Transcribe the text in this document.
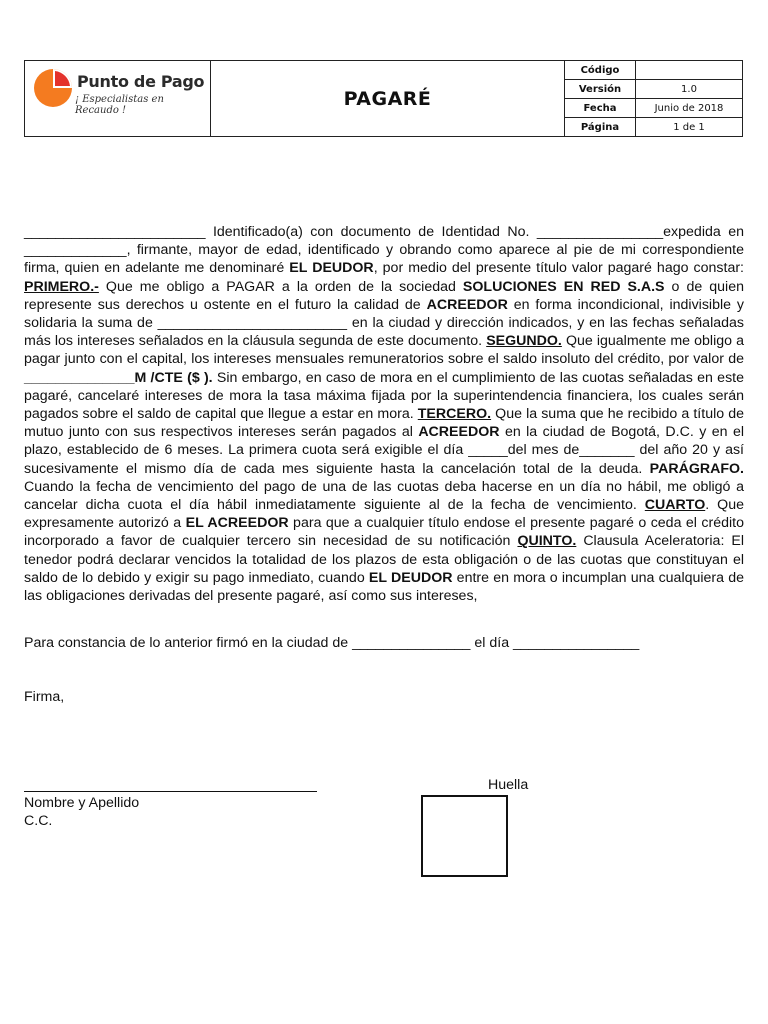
Punto de Pago
¡ Especialistas en Recaudo !	PAGARÉ	Código	
		Versión	1.0
		Fecha	Junio de 2018
		Página	1 de 1

_______________________ Identificado(a) con documento de Identidad No. ________________expedida en _____________, firmante, mayor de edad, identificado y obrando como aparece al pie de mi correspondiente firma, quien en adelante me denominaré EL DEUDOR, por medio del presente título valor pagaré hago constar: PRIMERO.- Que me obligo a PAGAR a la orden de la sociedad SOLUCIONES EN RED S.A.S o de quien represente sus derechos u ostente en el futuro la calidad de ACREEDOR en forma incondicional, indivisible y solidaria la suma de ________________________ en la ciudad y dirección indicados, y en las fechas señaladas más los intereses señalados en la cláusula segunda de este documento. SEGUNDO. Que igualmente me obligo a pagar junto con el capital, los intereses mensuales remuneratorios sobre el saldo insoluto del crédito, por valor de ______________M /CTE ($ ). Sin embargo, en caso de mora en el cumplimiento de las cuotas señaladas en este pagaré, cancelaré intereses de mora la tasa máxima fijada por la superintendencia financiera, los cuales serán pagados sobre el saldo de capital que llegue a estar en mora. TERCERO. Que la suma que he recibido a título de mutuo junto con sus respectivos intereses serán pagados al ACREEDOR en la ciudad de Bogotá, D.C. y en el plazo, establecido de 6 meses. La primera cuota será exigible el día _____del mes de_______ del año 20 y así sucesivamente el mismo día de cada mes siguiente hasta la cancelación total de la deuda. PARÁGRAFO. Cuando la fecha de vencimiento del pago de una de las cuotas deba hacerse en un día no hábil, me obligó a cancelar dicha cuota el día hábil inmediatamente siguiente al de la fecha de vencimiento. CUARTO. Que expresamente autorizó a EL ACREEDOR para que a cualquier título endose el presente pagaré o ceda el crédito incorporado a favor de cualquier tercero sin necesidad de su notificación QUINTO. Clausula Aceleratoria: El tenedor podrá declarar vencidos la totalidad de los plazos de esta obligación o de las cuotas que constituyan el saldo de lo debido y exigir su pago inmediato, cuando EL DEUDOR entre en mora o incumplan una cualquiera de las obligaciones derivadas del presente pagaré, así como sus intereses,

Para constancia de lo anterior firmó en la ciudad de _______________ el día ________________
Firma,
Nombre y Apellido
C.C.
Huella
